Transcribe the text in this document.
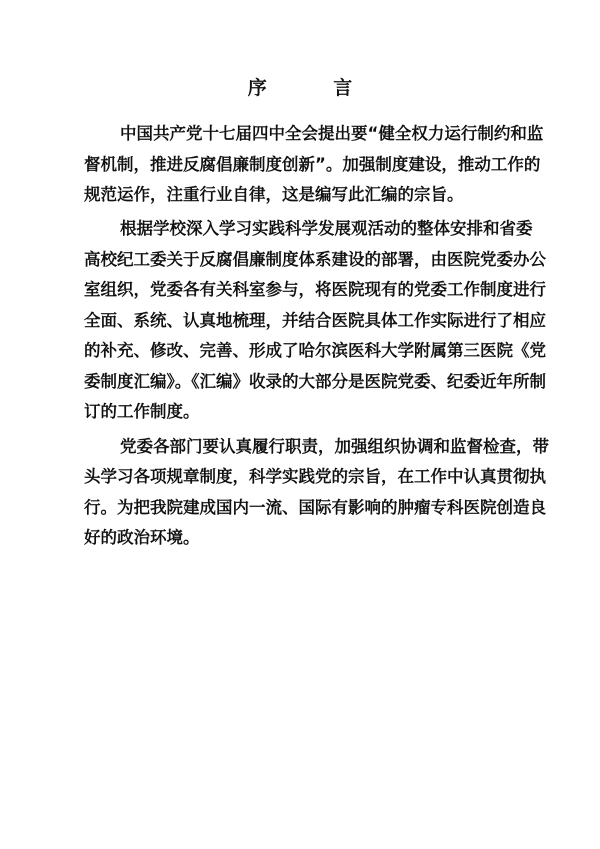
序 言
中国共产党十七届四中全会提出要“健全权力运行制约和监
督机制，推进反腐倡廉制度创新”。加强制度建设，推动工作的
规范运作，注重行业自律，这是编写此汇编的宗旨。
根据学校深入学习实践科学发展观活动的整体安排和省委
高校纪工委关于反腐倡廉制度体系建设的部署，由医院党委办公
室组织，党委各有关科室参与，将医院现有的党委工作制度进行
全面、系统、认真地梳理，并结合医院具体工作实际进行了相应
的补充、修改、完善、形成了哈尔滨医科大学附属第三医院《党
委制度汇编》。《汇编》收录的大部分是医院党委、纪委近年所制
订的工作制度。
党委各部门要认真履行职责，加强组织协调和监督检查，带
头学习各项规章制度，科学实践党的宗旨，在工作中认真贯彻执
行。为把我院建成国内一流、国际有影响的肿瘤专科医院创造良
好的政治环境。
